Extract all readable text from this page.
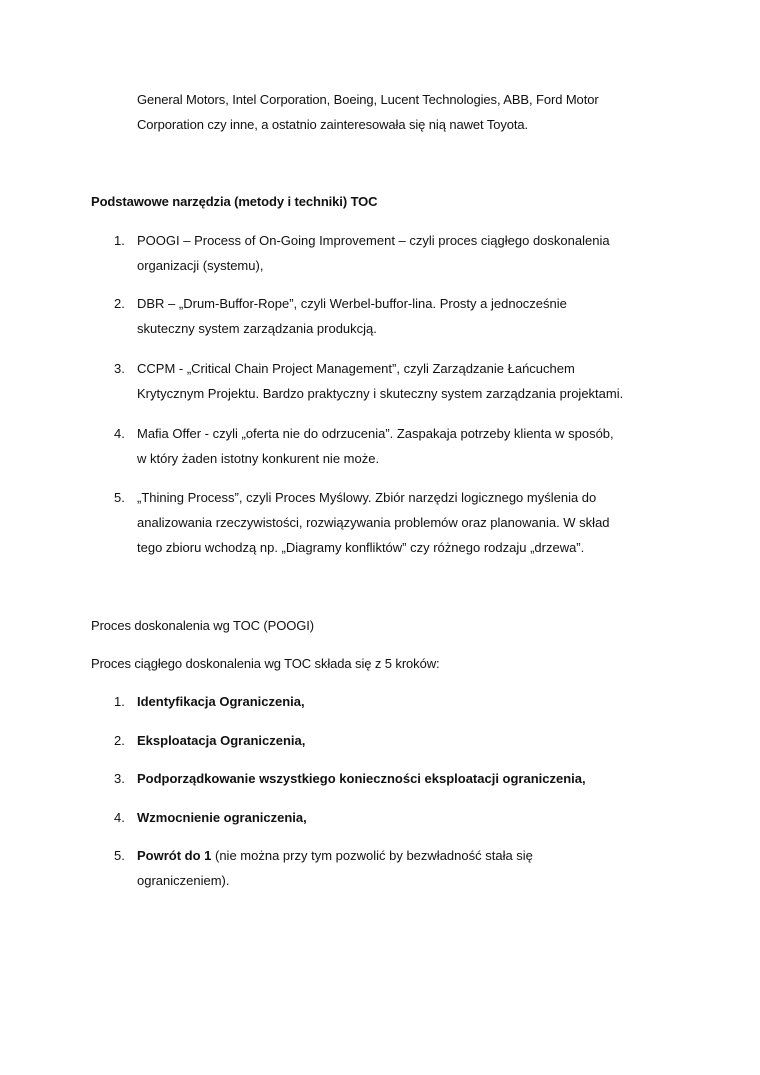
General Motors, Intel Corporation, Boeing, Lucent Technologies, ABB, Ford Motor
Corporation czy inne, a ostatnio zainteresowała się nią nawet Toyota.
Podstawowe narzędzia (metody i techniki) TOC
1. POOGI – Process of On-Going Improvement – czyli proces ciągłego doskonalenia
organizacji (systemu),
2. DBR – „Drum-Buffor-Rope”, czyli Werbel-buffor-lina. Prosty a jednocześnie
skuteczny system zarządzania produkcją.
3. CCPM - „Critical Chain Project Management”, czyli Zarządzanie Łańcuchem
Krytycznym Projektu. Bardzo praktyczny i skuteczny system zarządzania projektami.
4. Mafia Offer - czyli „oferta nie do odrzucenia”. Zaspakaja potrzeby klienta w sposób,
w który żaden istotny konkurent nie może.
5. „Thining Process”, czyli Proces Myślowy. Zbiór narzędzi logicznego myślenia do
analizowania rzeczywistości, rozwiązywania problemów oraz planowania. W skład
tego zbioru wchodzą np. „Diagramy konfliktów” czy różnego rodzaju „drzewa”.
Proces doskonalenia wg TOC (POOGI)
Proces ciągłego doskonalenia wg TOC składa się z 5 kroków:
1. Identyfikacja Ograniczenia,
2. Eksploatacja Ograniczenia,
3. Podporządkowanie wszystkiego konieczności eksploatacji ograniczenia,
4. Wzmocnienie ograniczenia,
5. Powrót do 1 (nie można przy tym pozwolić by bezwładność stała się
ograniczeniem).
